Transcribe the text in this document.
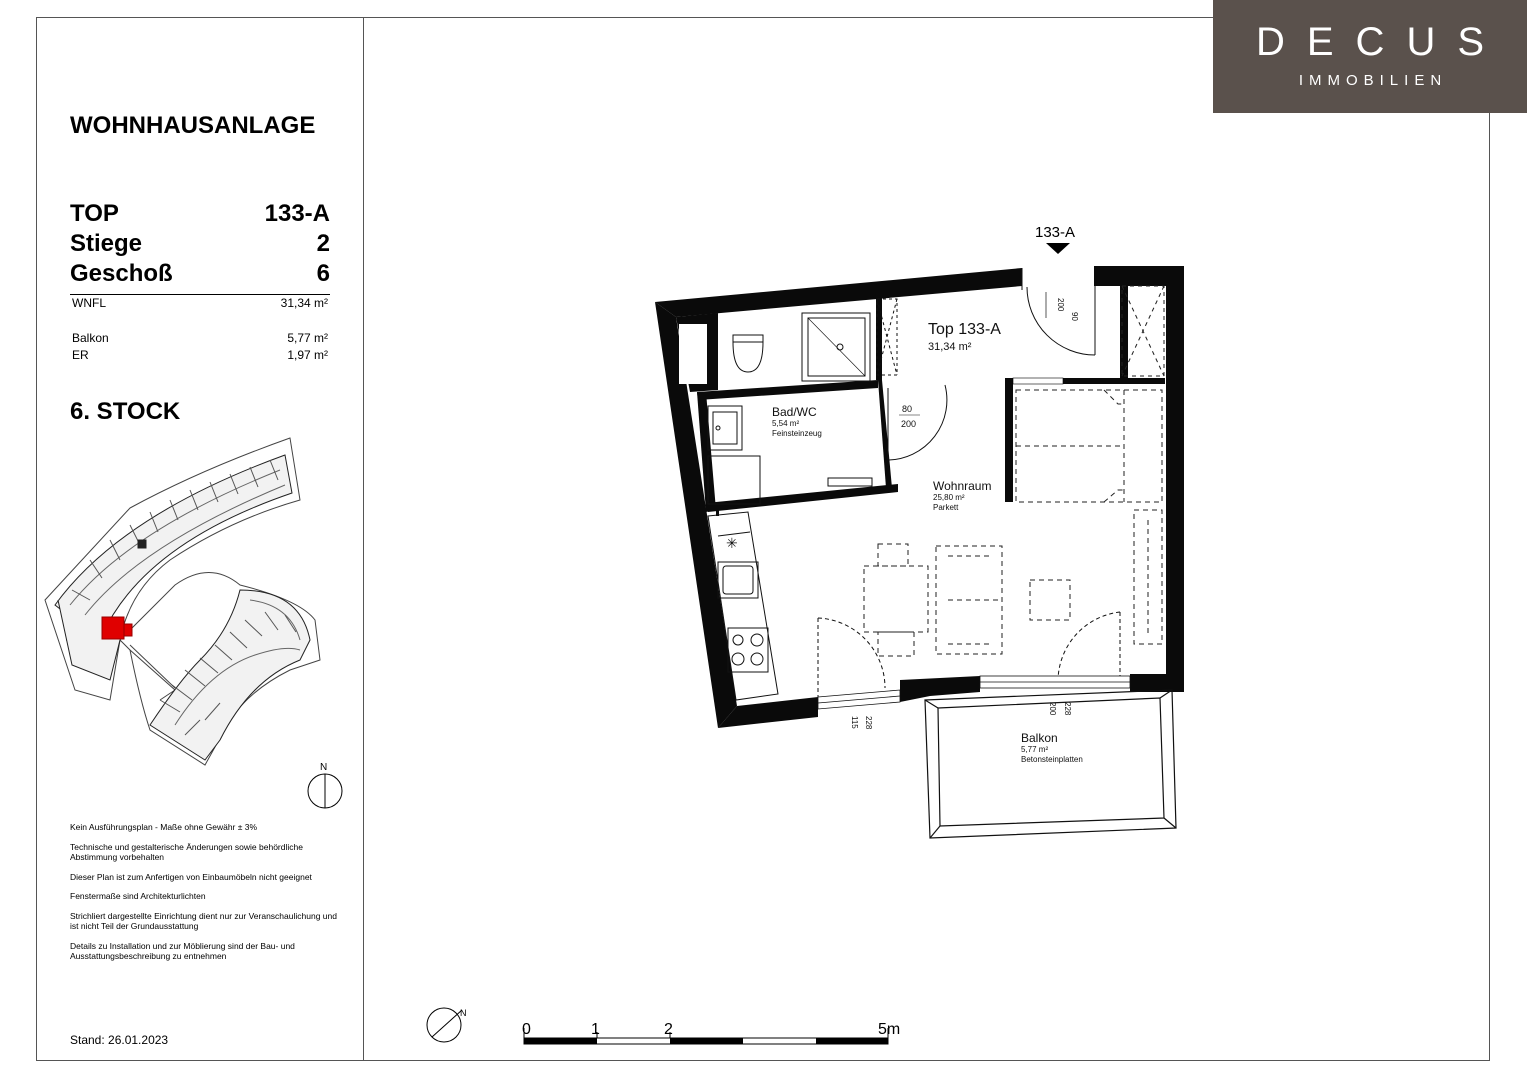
DECUS
IMMOBILIEN
WOHNHAUSANLAGE
TOP	133-A
Stiege	2
Geschoß	6
WNFL	31,34 m²
Balkon	5,77 m²
ER	1,97 m²
6. STOCK

Kein Ausführungsplan - Maße ohne Gewähr ± 3%

Technische und gestalterische Änderungen sowie behördliche Abstimmung vorbehalten

Dieser Plan ist zum Anfertigen von Einbaumöbeln nicht geeignet

Fenstermaße sind Architekturlichten

Strichliert dargestellte Einrichtung dient nur zur Veranschaulichung und ist nicht Teil der Grundausstattung

Details zu Installation und zur Möblierung sind der Bau- und Ausstattungsbeschreibung zu entnehmen

Stand: 26.01.2023
N
133-A
✳
Top 133-A
31,34 m²
Bad/WC
5,54 m²
Feinsteinzeug
Wohnraum
25,80 m²
Parkett
Balkon
5,77 m²
Betonsteinplatten
90
200
80
200
228
115
228
200
N
0	1	2	5m
